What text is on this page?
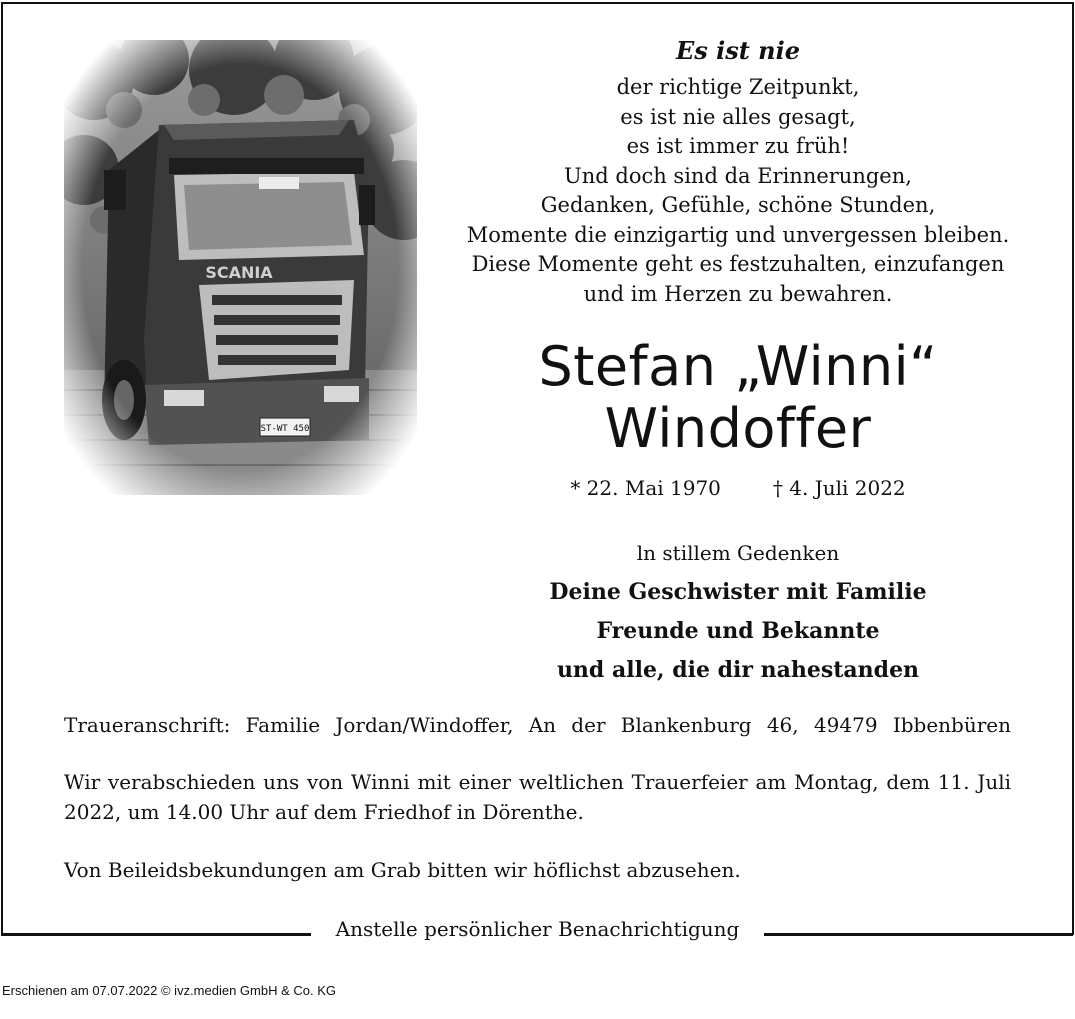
Es ist nie
der richtige Zeitpunkt,
es ist nie alles gesagt,
es ist immer zu früh!
Und doch sind da Erinnerungen,
Gedanken, Gefühle, schöne Stunden,
Momente die einzigartig und unvergessen bleiben.
Diese Momente geht es festzuhalten, einzufangen
und im Herzen zu bewahren.
Stefan „Winni“
Windoffer
* 22. Mai 1970	† 4. Juli 2022
ln stillem Gedenken
Deine Geschwister mit Familie
Freunde und Bekannte
und alle, die dir nahestanden
Traueranschrift: Familie Jordan/Windoffer, An der Blankenburg 46, 49479 Ibbenbüren
Wir verabschieden uns von Winni mit einer weltlichen Trauerfeier am Montag, dem 11. Juli 2022, um 14.00 Uhr auf dem Friedhof in Dörenthe.
Von Beileidsbekundungen am Grab bitten wir höflichst abzusehen.
Anstelle persönlicher Benachrichtigung
Erschienen am 07.07.2022 © ivz.medien GmbH & Co. KG
